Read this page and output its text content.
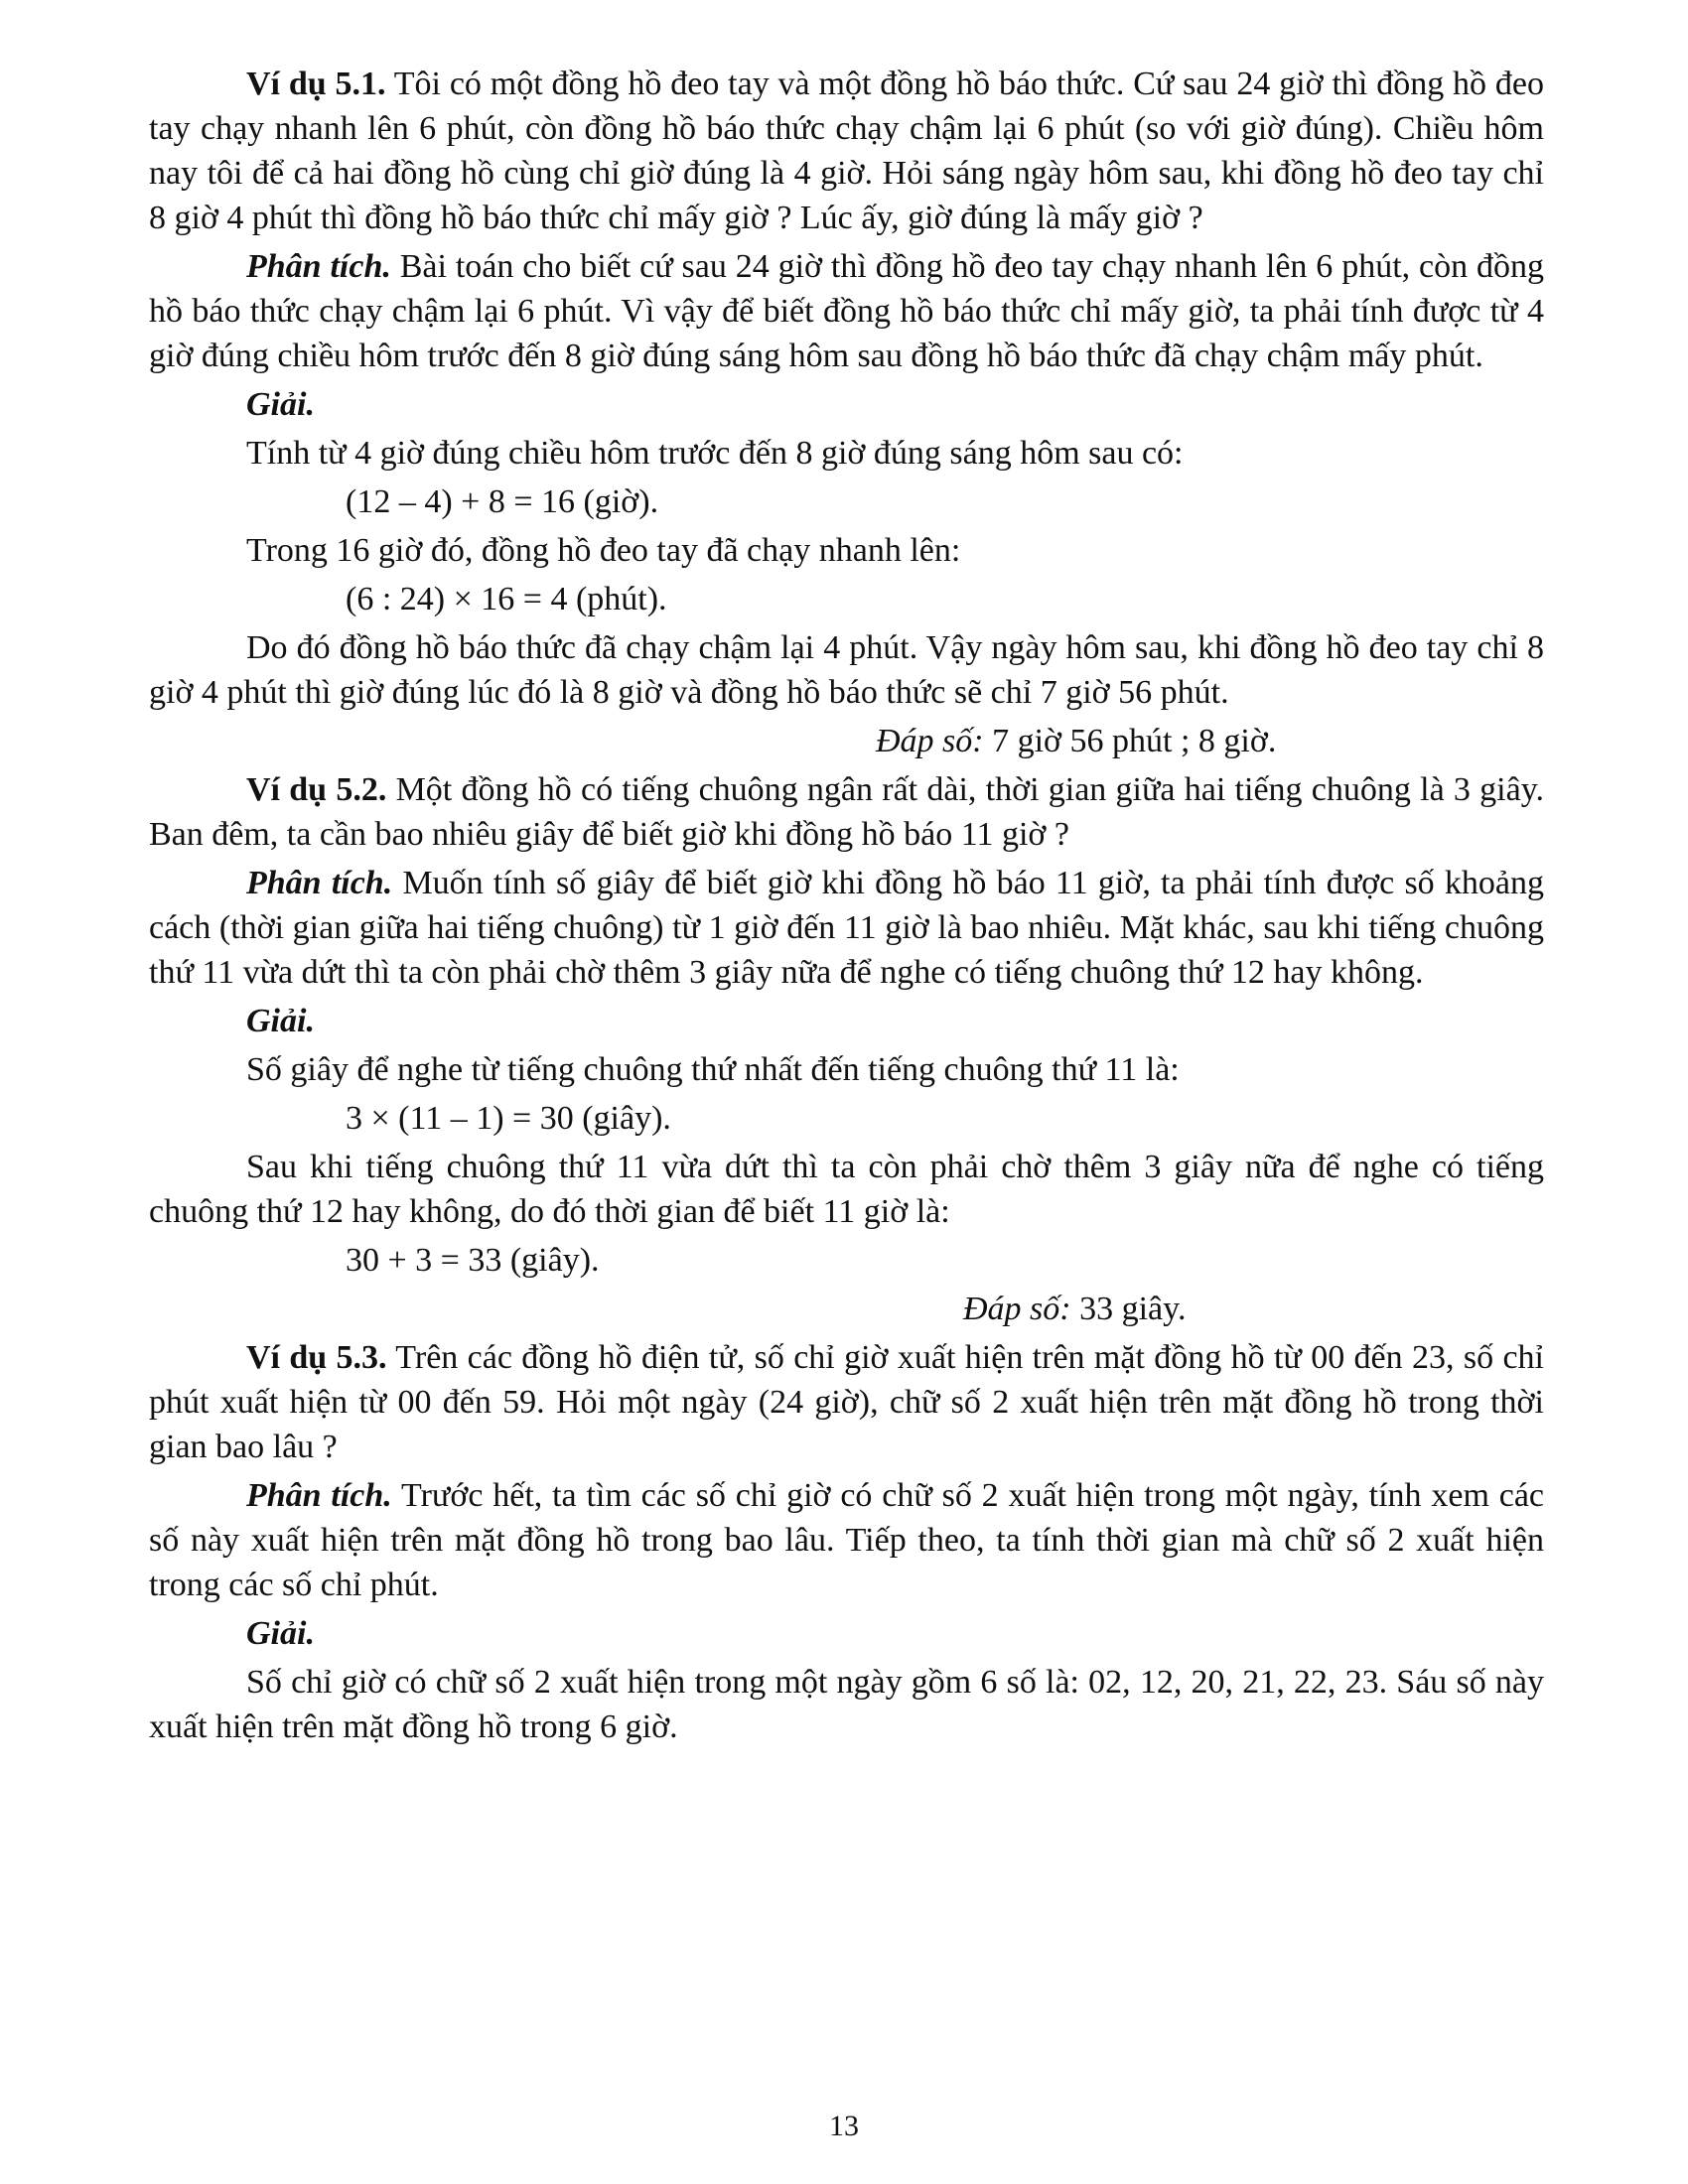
Ví dụ 5.1. Tôi có một đồng hồ đeo tay và một đồng hồ báo thức. Cứ sau 24 giờ thì đồng hồ đeo tay chạy nhanh lên 6 phút, còn đồng hồ báo thức chạy chậm lại 6 phút (so với giờ đúng). Chiều hôm nay tôi để cả hai đồng hồ cùng chỉ giờ đúng là 4 giờ. Hỏi sáng ngày hôm sau, khi đồng hồ đeo tay chỉ 8 giờ 4 phút thì đồng hồ báo thức chỉ mấy giờ ? Lúc ấy, giờ đúng là mấy giờ ?

Phân tích. Bài toán cho biết cứ sau 24 giờ thì đồng hồ đeo tay chạy nhanh lên 6 phút, còn đồng hồ báo thức chạy chậm lại 6 phút. Vì vậy để biết đồng hồ báo thức chỉ mấy giờ, ta phải tính được từ 4 giờ đúng chiều hôm trước đến 8 giờ đúng sáng hôm sau đồng hồ báo thức đã chạy chậm mấy phút.

Giải.

Tính từ 4 giờ đúng chiều hôm trước đến 8 giờ đúng sáng hôm sau có:

(12 – 4) + 8 = 16 (giờ).

Trong 16 giờ đó, đồng hồ đeo tay đã chạy nhanh lên:

(6 : 24) × 16 = 4 (phút).

Do đó đồng hồ báo thức đã chạy chậm lại 4 phút. Vậy ngày hôm sau, khi đồng hồ đeo tay chỉ 8 giờ 4 phút thì giờ đúng lúc đó là 8 giờ và đồng hồ báo thức sẽ chỉ 7 giờ 56 phút.

Đáp số: 7 giờ 56 phút ; 8 giờ.

Ví dụ 5.2. Một đồng hồ có tiếng chuông ngân rất dài, thời gian giữa hai tiếng chuông là 3 giây. Ban đêm, ta cần bao nhiêu giây để biết giờ khi đồng hồ báo 11 giờ ?

Phân tích. Muốn tính số giây để biết giờ khi đồng hồ báo 11 giờ, ta phải tính được số khoảng cách (thời gian giữa hai tiếng chuông) từ 1 giờ đến 11 giờ là bao nhiêu. Mặt khác, sau khi tiếng chuông thứ 11 vừa dứt thì ta còn phải chờ thêm 3 giây nữa để nghe có tiếng chuông thứ 12 hay không.

Giải.

Số giây để nghe từ tiếng chuông thứ nhất đến tiếng chuông thứ 11 là:

3 × (11 – 1) = 30 (giây).

Sau khi tiếng chuông thứ 11 vừa dứt thì ta còn phải chờ thêm 3 giây nữa để nghe có tiếng chuông thứ 12 hay không, do đó thời gian để biết 11 giờ là:

30 + 3 = 33 (giây).

Đáp số: 33 giây.

Ví dụ 5.3. Trên các đồng hồ điện tử, số chỉ giờ xuất hiện trên mặt đồng hồ từ 00 đến 23, số chỉ phút xuất hiện từ 00 đến 59. Hỏi một ngày (24 giờ), chữ số 2 xuất hiện trên mặt đồng hồ trong thời gian bao lâu ?

Phân tích. Trước hết, ta tìm các số chỉ giờ có chữ số 2 xuất hiện trong một ngày, tính xem các số này xuất hiện trên mặt đồng hồ trong bao lâu. Tiếp theo, ta tính thời gian mà chữ số 2 xuất hiện trong các số chỉ phút.

Giải.

Số chỉ giờ có chữ số 2 xuất hiện trong một ngày gồm 6 số là: 02, 12, 20, 21, 22, 23. Sáu số này xuất hiện trên mặt đồng hồ trong 6 giờ.

13
